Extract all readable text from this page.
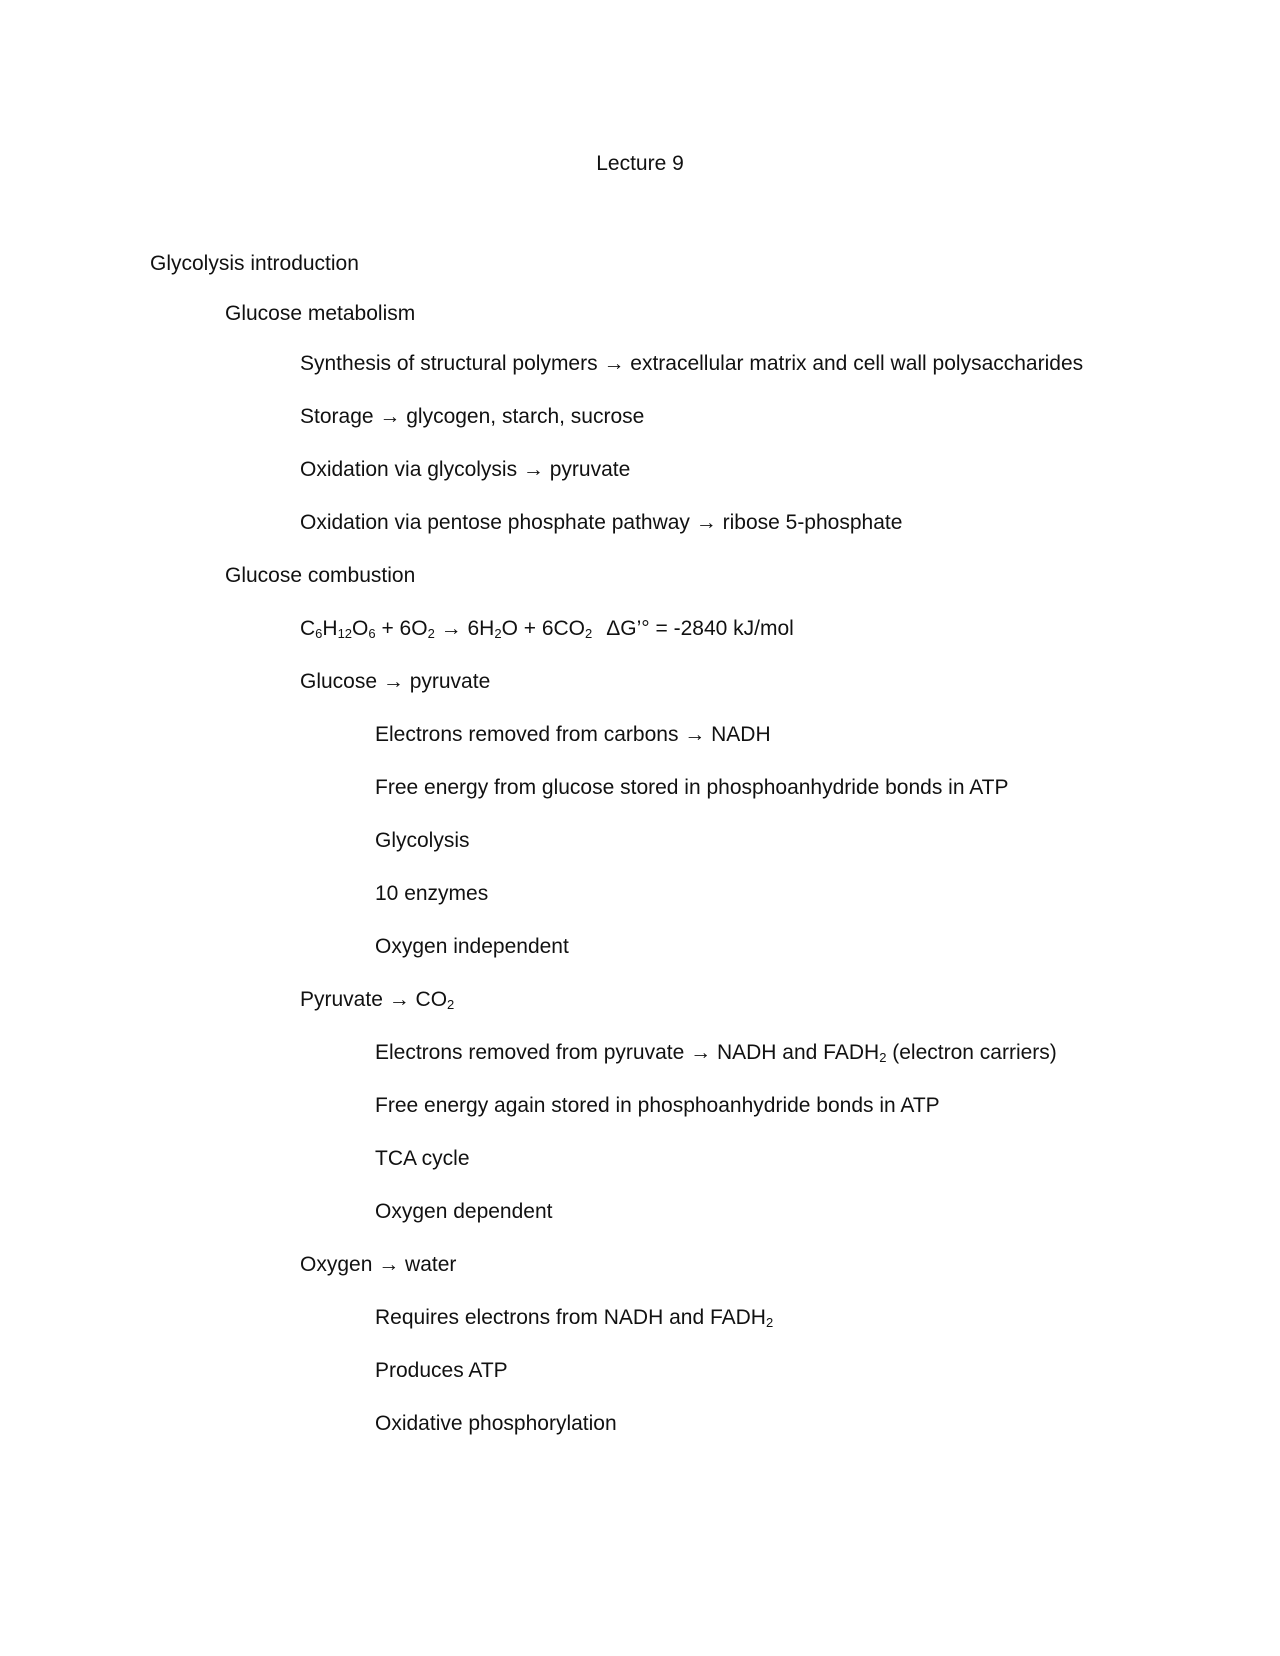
Lecture 9
Glycolysis introduction
Glucose metabolism
Synthesis of structural polymers → extracellular matrix and cell wall polysaccharides
Storage → glycogen, starch, sucrose
Oxidation via glycolysis → pyruvate
Oxidation via pentose phosphate pathway → ribose 5-phosphate
Glucose combustion
$C_6H_{12}O_6 + 6O_2 \to 6H_2O + 6CO_2$ ΔG’° = -2840 kJ/mol
Glucose → pyruvate
Electrons removed from carbons → NADH
Free energy from glucose stored in phosphoanhydride bonds in ATP
Glycolysis
10 enzymes
Oxygen independent
Pyruvate → $CO_2$
Electrons removed from pyruvate → NADH and $FADH_2$ (electron carriers)
Free energy again stored in phosphoanhydride bonds in ATP
TCA cycle
Oxygen dependent
Oxygen → water
Requires electrons from NADH and $FADH_2$
Produces ATP
Oxidative phosphorylation
